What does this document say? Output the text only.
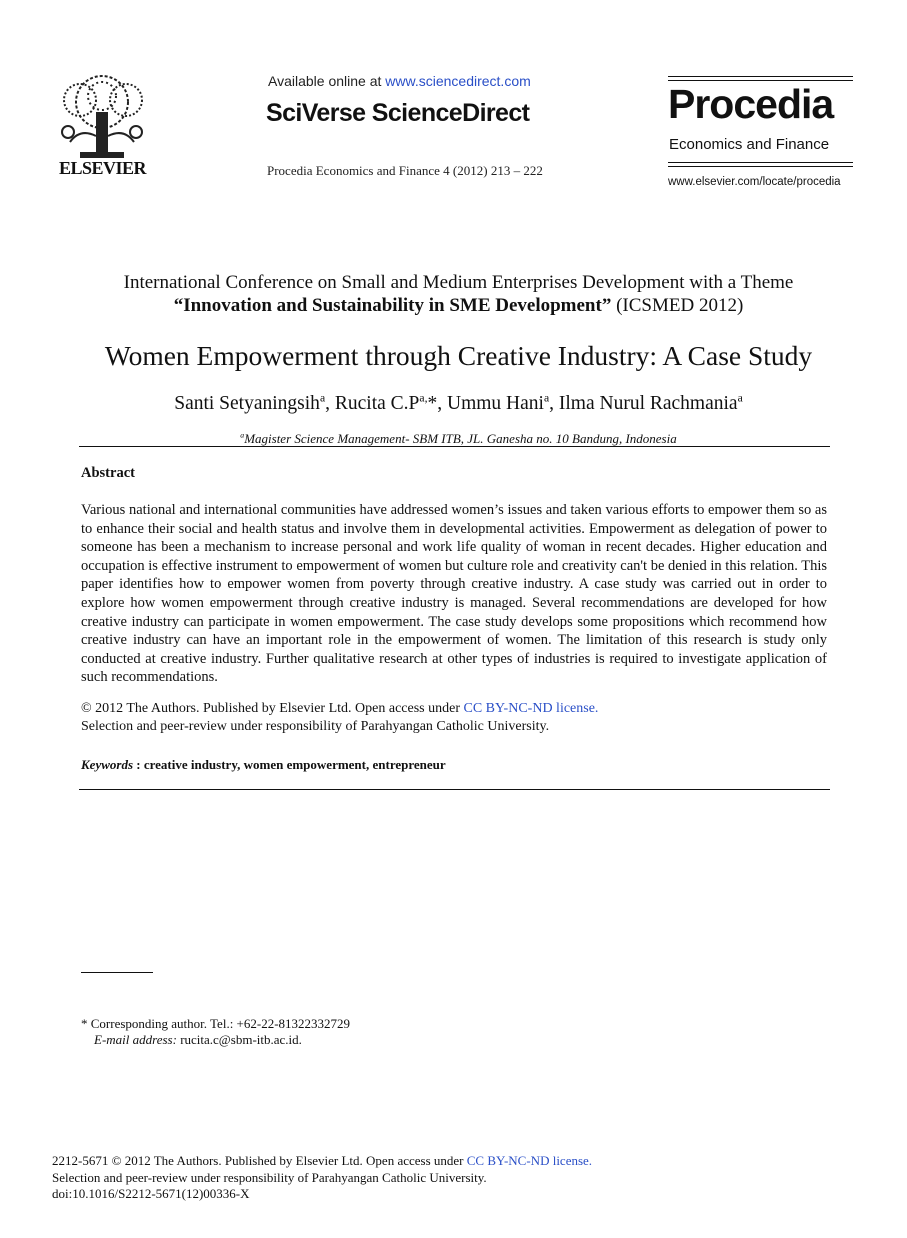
ELSEVIER
Available online at www.sciencedirect.com
SciVerse ScienceDirect
Procedia Economics and Finance 4 (2012) 213 – 222
Procedia
Economics and Finance
www.elsevier.com/locate/procedia
International Conference on Small and Medium Enterprises Development with a Theme
“Innovation and Sustainability in SME Development” (ICSMED 2012)
Women Empowerment through Creative Industry: A Case Study
Santi Setyaningsih$^a$, Rucita $C.P^{a,}*$, Ummu Hani$^a$, Ilma Nurul Rachmania$^a$
$^a$Magister Science Management- SBM ITB, JL. Ganesha no. 10 Bandung, Indonesia
Abstract
Various national and international communities have addressed women’s issues and taken various efforts to empower them so as to enhance their social and health status and involve them in developmental activities. Empowerment as delegation of power to someone has been a mechanism to increase personal and work life quality of woman in recent decades. Higher education and occupation is effective instrument to empowerment of women but culture role and creativity can't be denied in this relation. This paper identifies how to empower women from poverty through creative industry. A case study was carried out in order to explore how women empowerment through creative industry is managed. Several recommendations are developed for how creative industry can participate in women empowerment. The case study develops some propositions which recommend how creative industry can have an important role in the empowerment of women. The limitation of this research is study only conducted at creative industry. Further qualitative research at other types of industries is required to investigate application of such recommendations.
© 2012 The Authors. Published by Elsevier Ltd. Open access under CC BY-NC-ND license.
Selection and peer-review under responsibility of Parahyangan Catholic University.
Keywords : creative industry, women empowerment, entrepreneur
* Corresponding author. Tel.: +62-22-81322332729
E-mail address: rucita.c@sbm-itb.ac.id.
2212-5671 © 2012 The Authors. Published by Elsevier Ltd. Open access under CC BY-NC-ND license.
Selection and peer-review under responsibility of Parahyangan Catholic University.
doi:10.1016/S2212-5671(12)00336-X
